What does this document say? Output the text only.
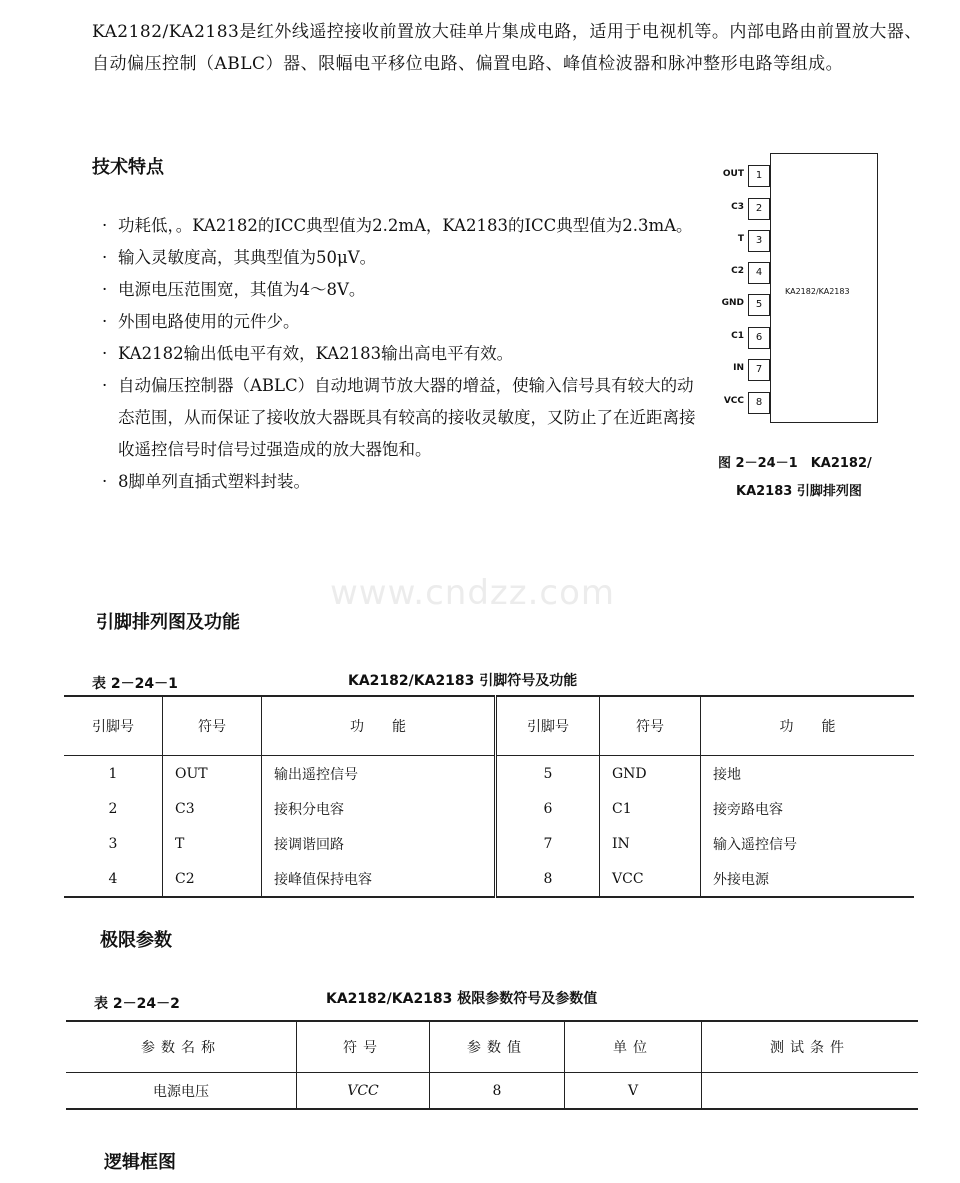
KA2182/KA2183是红外线遥控接收前置放大硅单片集成电路，适用于电视机等。内部电路由前置放大器、自动偏压控制（ABLC）器、限幅电平移位电路、偏置电路、峰值检波器和脉冲整形电路等组成。
技术特点
· 功耗低，。KA2182的ICC典型值为2.2mA，KA2183的ICC典型值为2.3mA。
· 输入灵敏度高，其典型值为50μV。
· 电源电压范围宽，其值为4～8V。
· 外围电路使用的元件少。
· KA2182输出低电平有效，KA2183输出高电平有效。
· 自动偏压控制器（ABLC）自动地调节放大器的增益，使输入信号具有较大的动态范围，从而保证了接收放大器既具有较高的接收灵敏度，又防止了在近距离接收遥控信号时信号过强造成的放大器饱和。
· 8脚单列直插式塑料封装。
KA2182/KA2183
OUT	1
C3	2
T	3
C2	4
GND	5
C1	6
IN	7
VCC	8
图 2－24－1　KA2182/
KA2183 引脚排列图
www.cndzz.com
引脚排列图及功能
表 2－24－1	KA2182/KA2183 引脚符号及功能
引脚号	符号	功　　能	引脚号	符号	功　　能
1	OUT	输出遥控信号	5	GND	接地
2	C3	接积分电容	6	C1	接旁路电容
3	T	接调谐回路	7	IN	输入遥控信号
4	C2	接峰值保持电容	8	VCC	外接电源
极限参数
表 2－24－2	KA2182/KA2183 极限参数符号及参数值
参数名称	符号	参数值	单位	测试条件
电源电压	VCC	8	V	
逻辑框图
